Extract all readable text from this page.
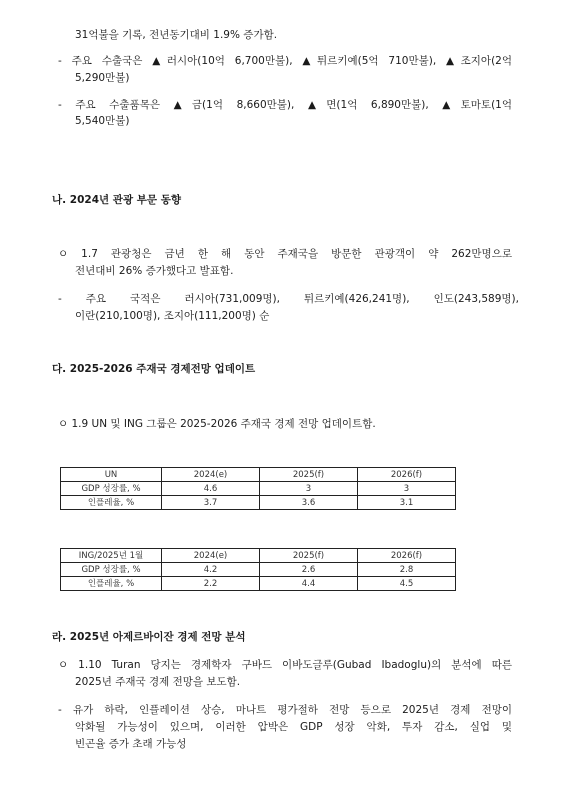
31억불을 기록, 전년동기대비 1.9% 증가함.
- 주요 수출국은 ▲러시아(10억 6,700만불), ▲튀르키예(5억 710만불), ▲조지아(2억
5,290만불)
- 주요 수출품목은 ▲금(1억 8,660만불), ▲면(1억 6,890만불), ▲토마토(1억
5,540만불)
나. 2024년 관광 부문 동향
ㅇ 1.7 관광청은 금년 한 해 동안 주재국을 방문한 관광객이 약 262만명으로
전년대비 26% 증가했다고 발표함.
- 주요 국적은 러시아(731,009명), 튀르키예(426,241명), 인도(243,589명),
이란(210,100명), 조지아(111,200명) 순
다. 2025-2026 주재국 경제전망 업데이트
ㅇ 1.9 UN 및 ING 그룹은 2025-2026 주재국 경제 전망 업데이트함.
UN	2024(e)	2025(f)	2026(f)
GDP 성장률, %	4.6	3	3
인플레율, %	3.7	3.6	3.1
ING/2025년 1월	2024(e)	2025(f)	2026(f)
GDP 성장률, %	4.2	2.6	2.8
인플레율, %	2.2	4.4	4.5
라. 2025년 아제르바이잔 경제 전망 분석
ㅇ 1.10 Turan 당지는 경제학자 구바드 이바도글루(Gubad Ibadoglu)의 분석에 따른
2025년 주재국 경제 전망을 보도함.
- 유가 하락, 인플레이션 상승, 마나트 평가절하 전망 등으로 2025년 경제 전망이
악화될 가능성이 있으며, 이러한 압박은 GDP 성장 악화, 투자 감소, 실업 및
빈곤율 증가 초래 가능성
